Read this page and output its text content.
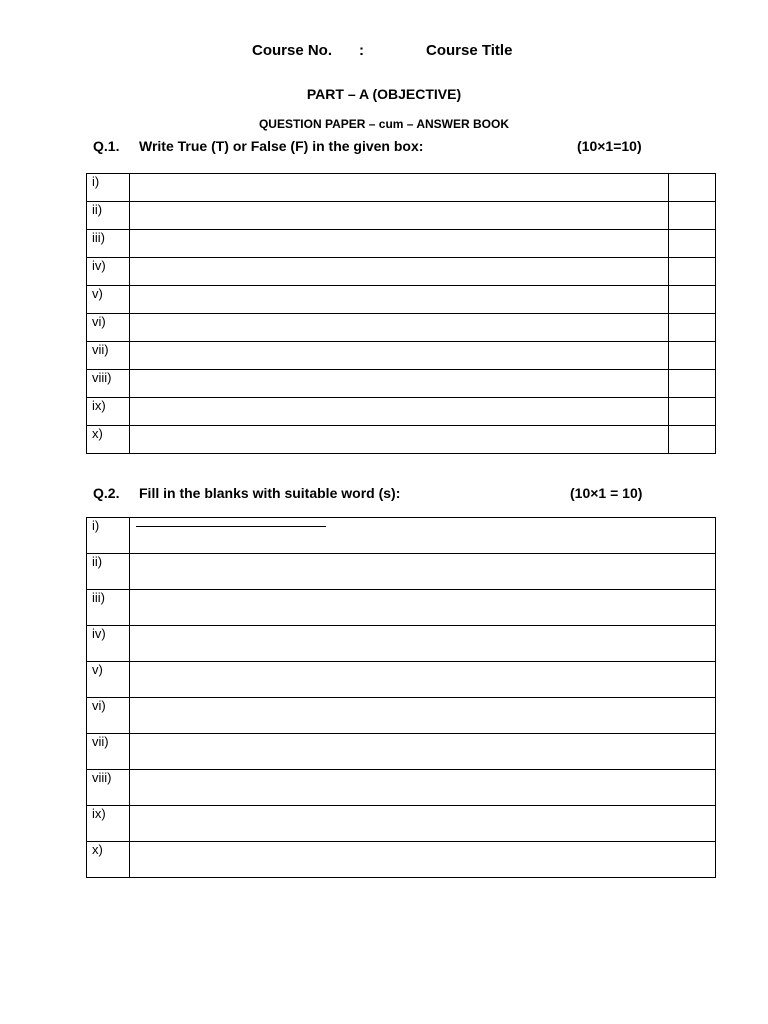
Course No. :	Course Title
PART – A (OBJECTIVE)
QUESTION PAPER – cum – ANSWER BOOK
Q.1. Write True (T) or False (F) in the given box:	(10×1=10)
i)		

ii)		

iii)		

iv)		

v)		

vi)		

vii)		

viii)		

ix)		

x)		

Q.2. Fill in the blanks with suitable word (s):	(10×1 = 10)
i)	

ii)	

iii)	

iv)	

v)	

vi)	

vii)	

viii)	

ix)	

x)	
